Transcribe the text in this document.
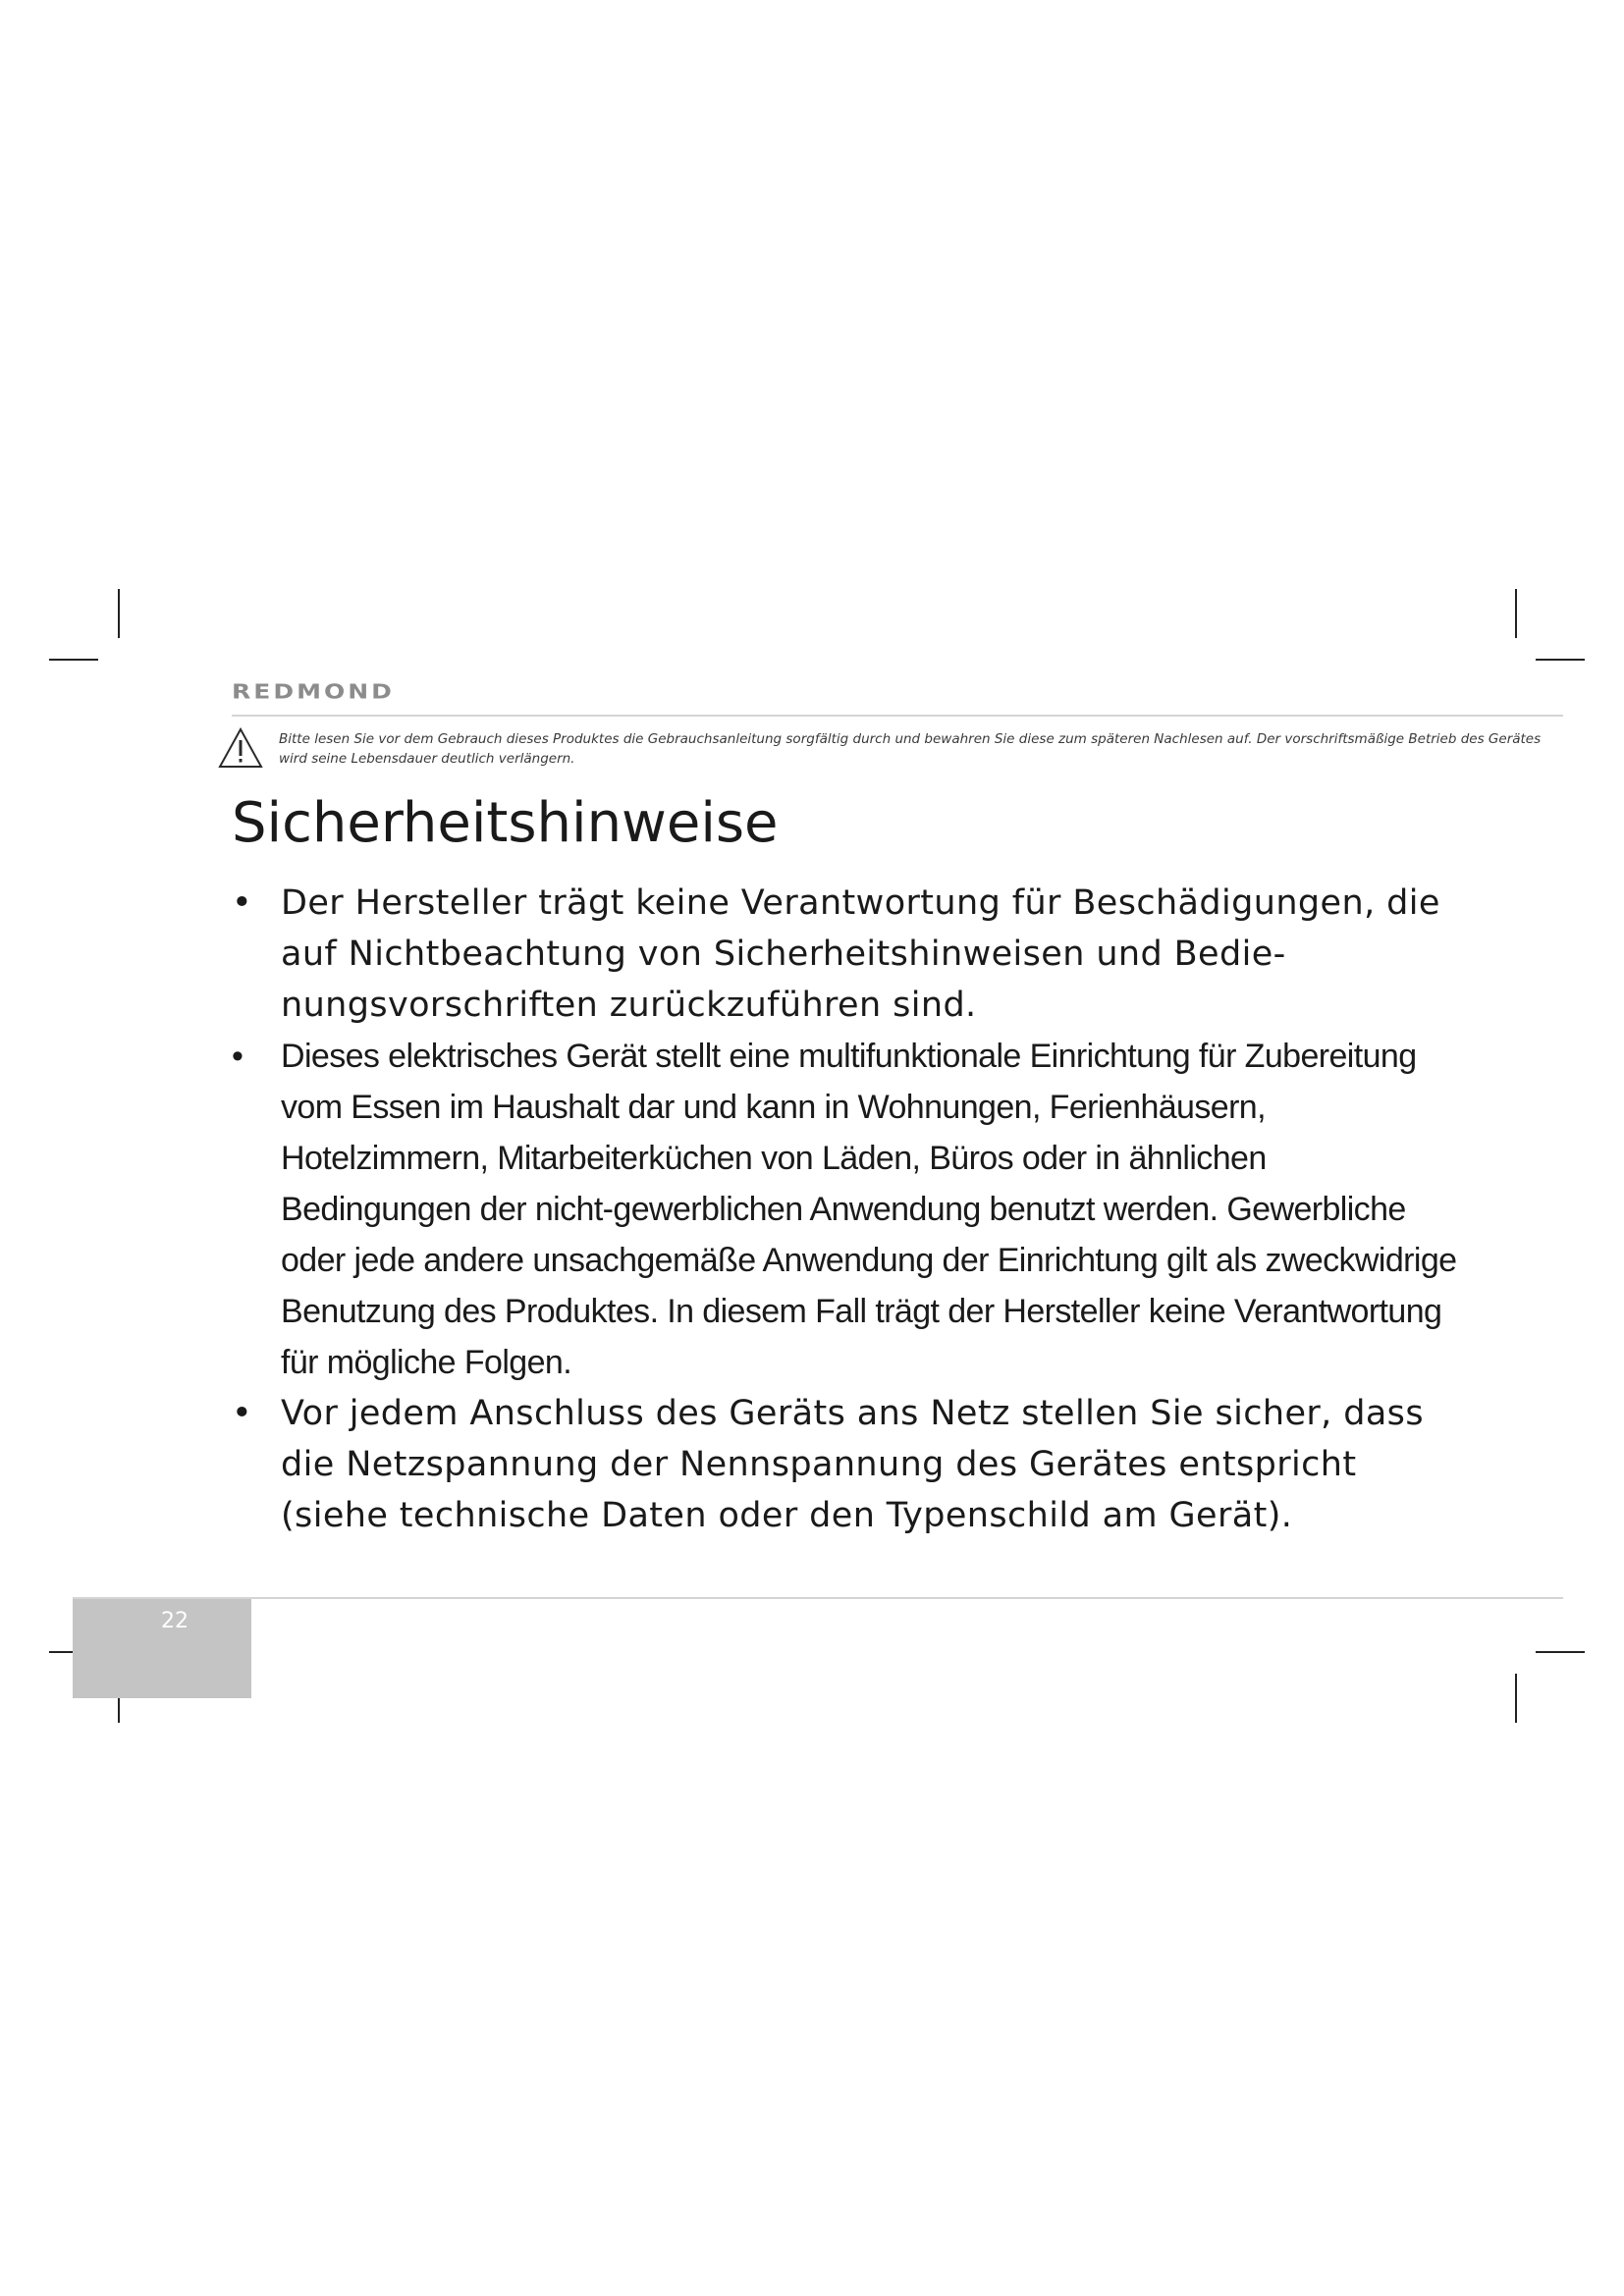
REDMOND
Bitte lesen Sie vor dem Gebrauch dieses Produktes die Gebrauchsanleitung sorgfältig durch und bewahren Sie diese zum späteren Nachlesen auf. Der vorschriftsmäßige Betrieb des Gerätes wird seine Lebensdauer deutlich verlängern.
Sicherheitshinweise
• Der Hersteller trägt keine Verantwortung für Beschädigungen, die auf Nichtbeachtung von Sicherheitshinweisen und Bedienungsvorschriften zurückzuführen sind.
• Dieses elektrisches Gerät stellt eine multifunktionale Einrichtung für Zubereitung vom Essen im Haushalt dar und kann in Wohnungen, Ferienhäusern, Hotelzimmern, Mitarbeiterküchen von Läden, Büros oder in ähnlichen Bedingungen der nicht-gewerblichen Anwendung benutzt werden. Gewerbliche oder jede andere unsachgemäße Anwendung der Einrichtung gilt als zweckwidrige Benutzung des Produktes. In diesem Fall trägt der Hersteller keine Verantwortung für mögliche Folgen.
• Vor jedem Anschluss des Geräts ans Netz stellen Sie sicher, dass die Netzspannung der Nennspannung des Gerätes entspricht (siehe technische Daten oder den Typenschild am Gerät).
22
